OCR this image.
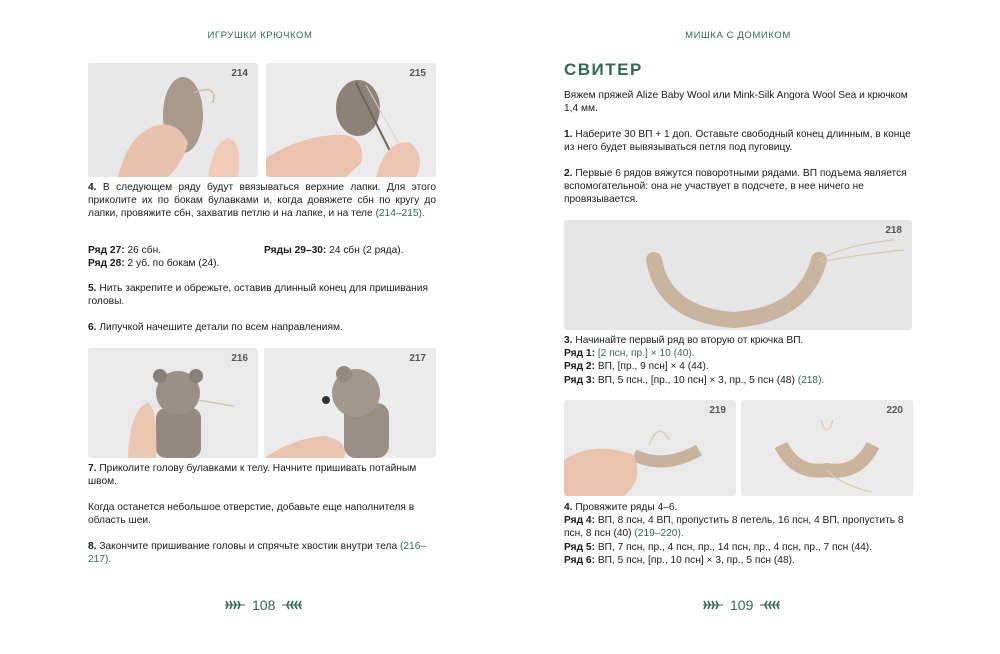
ИГРУШКИ КРЮЧКОМ
214	215
4. В следующем ряду будут ввязываться верхние лапки. Для этого приколите их по бокам булавками и, когда довяжете сбн по кругу до лапки, провяжите сбн, захватив петлю и на лапке, и на теле (214–215).
Ряд 27: 26 сбн.	Ряды 29–30: 24 сбн (2 ряда).
Ряд 28: 2 уб. по бокам (24).
5. Нить закрепите и обрежьте, оставив длинный конец для пришивания головы.
6. Липучкой начешите детали по всем направлениям.
216	217
7. Приколите голову булавками к телу. Начните пришивать потайным швом.
Когда останется небольшое отверстие, добавьте еще наполнителя в область шеи.
8. Закончите пришивание головы и спрячьте хвостик внутри тела (216–217).
108
МИШКА С ДОМИКОМ
СВИТЕР
Вяжем пряжей Alize Baby Wool или Mink-Silk Angora Wool Sea и крючком 1,4 мм.
1. Наберите 30 ВП + 1 доп. Оставьте свободный конец длинным, в конце из него будет вывязываться петля под пуговицу.
2. Первые 6 рядов вяжутся поворотными рядами. ВП подъема является вспомогательной: она не участвует в подсчете, в нее ничего не провязывается.
218
3. Начинайте первый ряд во вторую от крючка ВП.
Ряд 1: [2 псн, пр.] × 10 (40).
Ряд 2: ВП, [пр., 9 псн] × 4 (44).
Ряд 3: ВП, 5 псн., [пр., 10 псн] × 3, пр., 5 псн (48) (218).
219	220
4. Провяжите ряды 4–6.
Ряд 4: ВП, 8 псн, 4 ВП, пропустить 8 петель, 16 псн, 4 ВП, пропустить 8 псн, 8 псн (40) (219–220).
Ряд 5: ВП, 7 псн, пр., 4 псн, пр., 14 псн, пр., 4 псн, пр., 7 псн (44).
Ряд 6: ВП, 5 псн, [пр., 10 псн] × 3, пр., 5 псн (48).
109
